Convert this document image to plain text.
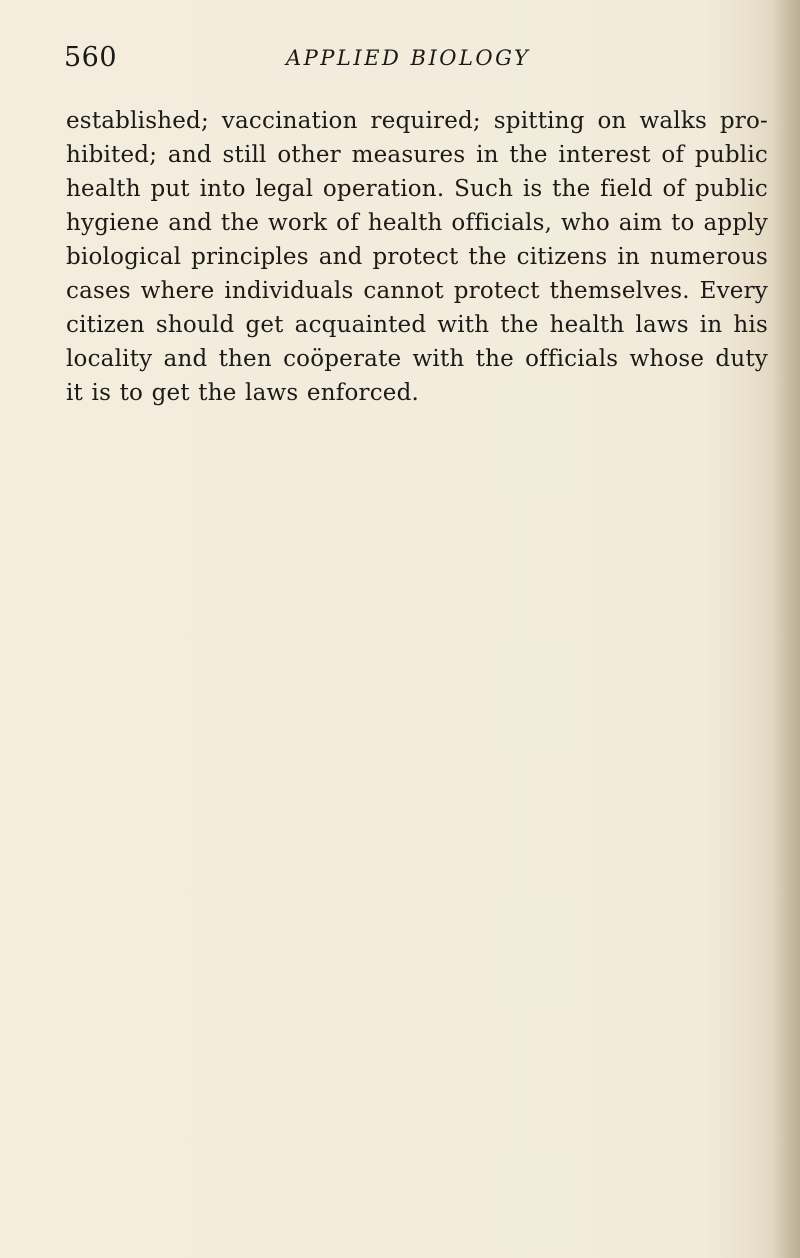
560	APPLIED BIOLOGY

established; vaccination required; spitting on walks pro-hibited; and still other measures in the interest of public health put into legal operation. Such is the field of public hygiene and the work of health officials, who aim to apply biological principles and protect the citizens in numerous cases where individuals cannot protect themselves. Every citizen should get acquainted with the health laws in his locality and then coöperate with the officials whose duty it is to get the laws enforced.
